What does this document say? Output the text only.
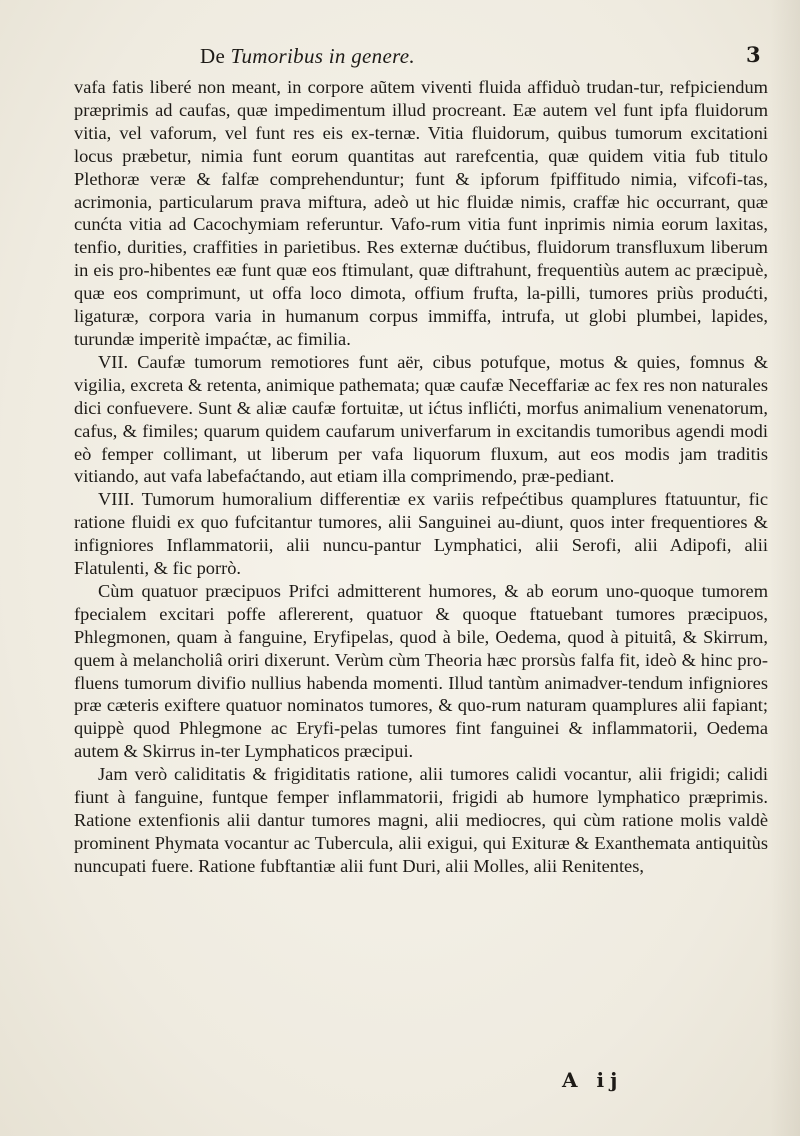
De Tumoribus in genere.	3

vafa fatis liberé non meant, in corpore aũtem viventi fluida affiduò trudan-tur, refpiciendum præprimis ad caufas, quæ impedimentum illud procreant. Eæ autem vel funt ipfa fluidorum vitia, vel vaforum, vel funt res eis ex-ternæ. Vitia fluidorum, quibus tumorum excitationi locus præbetur, nimia funt eorum quantitas aut rarefcentia, quæ quidem vitia fub titulo Plethoræ veræ & falfæ comprehenduntur; funt & ipforum fpiffitudo nimia, vifcofi-tas, acrimonia, particularum prava miftura, adeò ut hic fluidæ nimis, craffæ hic occurrant, quæ cunćta vitia ad Cacochymiam referuntur. Vafo-rum vitia funt inprimis nimia eorum laxitas, tenfio, durities, craffities in parietibus. Res externæ dućtibus, fluidorum transfluxum liberum in eis pro-hibentes eæ funt quæ eos ftimulant, quæ diftrahunt, frequentiùs autem ac præcipuè, quæ eos comprimunt, ut offa loco dimota, offium frufta, la-pilli, tumores priùs produćti, ligaturæ, corpora varia in humanum corpus immiffa, intrufa, ut globi plumbei, lapides, turundæ imperitè impaćtæ, ac fimilia.

VII. Caufæ tumorum remotiores funt aër, cibus potufque, motus & quies, fomnus & vigilia, excreta & retenta, animique pathemata; quæ caufæ Neceffariæ ac fex res non naturales dici confuevere. Sunt & aliæ caufæ fortuitæ, ut ićtus inflićti, morfus animalium venenatorum, cafus, & fimiles; quarum quidem caufarum univerfarum in excitandis tumoribus agendi modi eò femper collimant, ut liberum per vafa liquorum fluxum, aut eos modis jam traditis vitiando, aut vafa labefaćtando, aut etiam illa comprimendo, præ-pediant.

VIII. Tumorum humoralium differentiæ ex variis refpećtibus quamplures ftatuuntur, fic ratione fluidi ex quo fufcitantur tumores, alii Sanguinei au-diunt, quos inter frequentiores & infigniores Inflammatorii, alii nuncu-pantur Lymphatici, alii Serofi, alii Adipofi, alii Flatulenti, & fic porrò.

Cùm quatuor præcipuos Prifci admitterent humores, & ab eorum uno-quoque tumorem fpecialem excitari poffe aflererent, quatuor & quoque ftatuebant tumores præcipuos, Phlegmonen, quam à fanguine, Eryfipelas, quod à bile, Oedema, quod à pituitâ, & Skirrum, quem à melancholiâ oriri dixerunt. Verùm cùm Theoria hæc prorsùs falfa fit, ideò & hinc pro-fluens tumorum divifio nullius habenda momenti. Illud tantùm animadver-tendum infigniores præ cæteris exiftere quatuor nominatos tumores, & quo-rum naturam quamplures alii fapiant; quippè quod Phlegmone ac Eryfi-pelas tumores fint fanguinei & inflammatorii, Oedema autem & Skirrus in-ter Lymphaticos præcipui.

Jam verò caliditatis & frigiditatis ratione, alii tumores calidi vocantur, alii frigidi; calidi fiunt à fanguine, funtque femper inflammatorii, frigidi ab humore lymphatico præprimis. Ratione extenfionis alii dantur tumores magni, alii mediocres, qui cùm ratione molis valdè prominent Phymata vocantur ac Tubercula, alii exigui, qui Exituræ & Exanthemata antiquitùs nuncupati fuere. Ratione fubftantiæ alii funt Duri, alii Molles, alii Renitentes,

A ij
